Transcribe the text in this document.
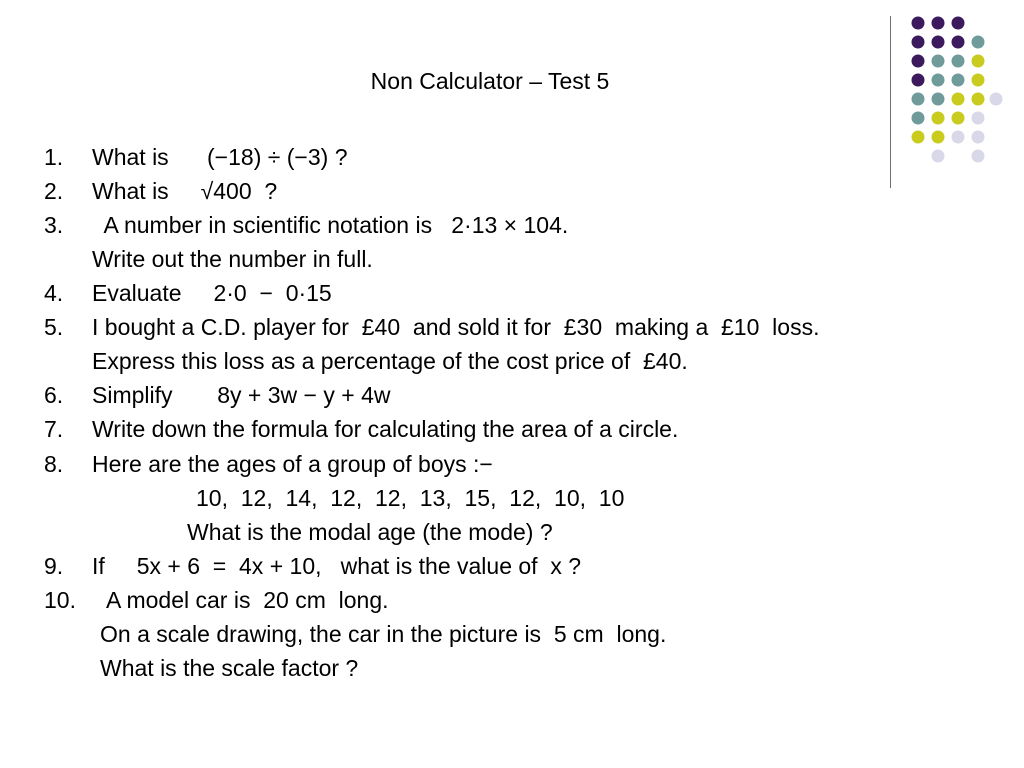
Non Calculator – Test 5
1. What is      (−18) ÷ (−3) ?
2. What is     √400  ?
3. A number in scientific notation is   2·13 × 104.
Write out the number in full.
4. Evaluate     2·0  −  0·15
5. I bought a C.D. player for  £40  and sold it for  £30  making a  £10  loss.
Express this loss as a percentage of the cost price of  £40.
6. Simplify       8y + 3w − y + 4w
7. Write down the formula for calculating the area of a circle.
8. Here are the ages of a group of boys :−
10,  12,  14,  12,  12,  13,  15,  12,  10,  10
What is the modal age (the mode) ?
9. If     5x + 6  =  4x + 10,   what is the value of  x ?
10. A model car is  20 cm  long.
On a scale drawing, the car in the picture is  5 cm  long.
What is the scale factor ?
